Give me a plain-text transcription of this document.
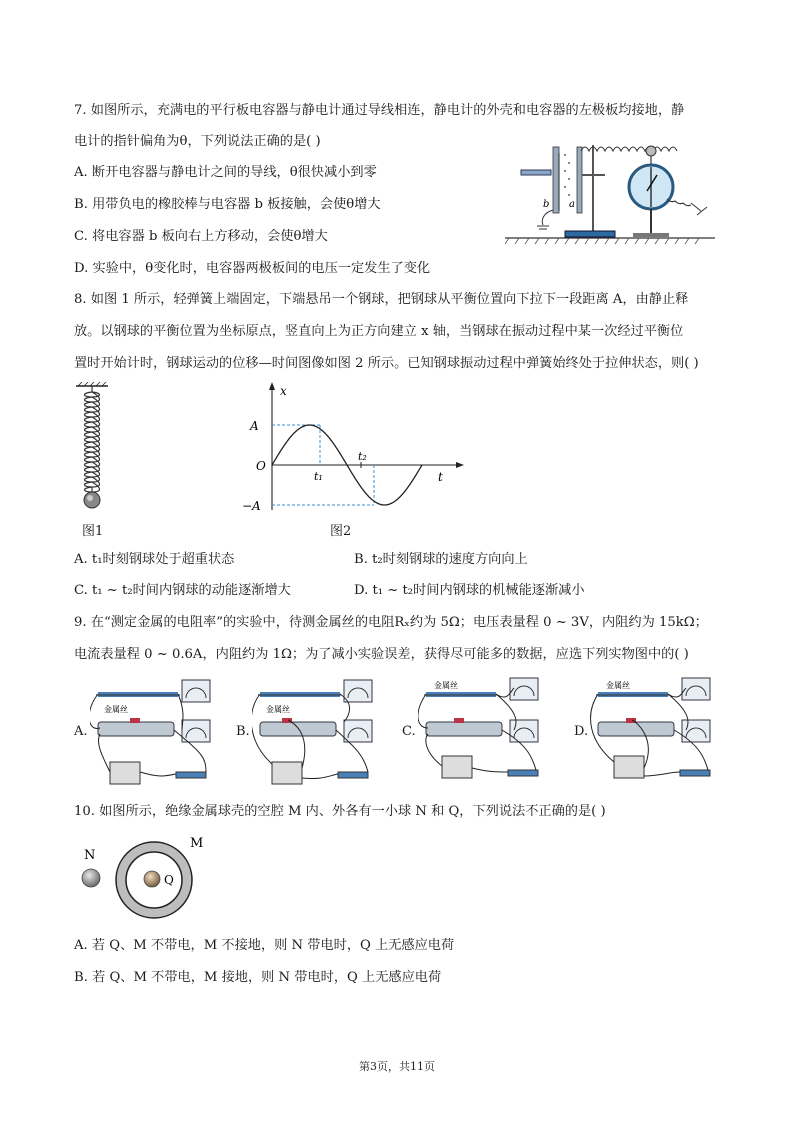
7. 如图所示，充满电的平行板电容器与静电计通过导线相连，静电计的外壳和电容器的左极板均接地，静
电计的指针偏角为θ，下列说法正确的是( )
A. 断开电容器与静电计之间的导线，θ很快减小到零
B. 用带负电的橡胶棒与电容器 b 板接触，会使θ增大
C. 将电容器 b 板向右上方移动，会使θ增大
D. 实验中，θ变化时，电容器两极板间的电压一定发生了变化
b a
8. 如图 1 所示，轻弹簧上端固定，下端悬吊一个钢球，把钢球从平衡位置向下拉下一段距离 A，由静止释
放。以钢球的平衡位置为坐标原点，竖直向上为正方向建立 x 轴，当钢球在振动过程中某一次经过平衡位
置时开始计时，钢球运动的位移—时间图像如图 2 所示。已知钢球振动过程中弹簧始终处于拉伸状态，则( )
图1
x
t
A
−A
O
t₁
t₂
图2
A. t₁时刻钢球处于超重状态	B. t₂时刻钢球的速度方向向上
C. t₁ ~ t₂时间内钢球的动能逐渐增大	D. t₁ ~ t₂时间内钢球的机械能逐渐减小
9. 在“测定金属的电阻率”的实验中，待测金属丝的电阻Rₓ约为 5Ω；电压表量程 0 ~ 3V，内阻约为 15kΩ；
电流表量程 0 ~ 0.6A，内阻约为 1Ω；为了减小实验误差，获得尽可能多的数据，应选下列实物图中的( )
A.
金属丝
B.
金属丝
C.
金属丝
D.
金属丝
10. 如图所示，绝缘金属球壳的空腔 M 内、外各有一小球 N 和 Q，下列说法不正确的是( )
N
M
Q
A. 若 Q、M 不带电，M 不接地，则 N 带电时，Q 上无感应电荷
B. 若 Q、M 不带电，M 接地，则 N 带电时，Q 上无感应电荷
第3页，共11页
